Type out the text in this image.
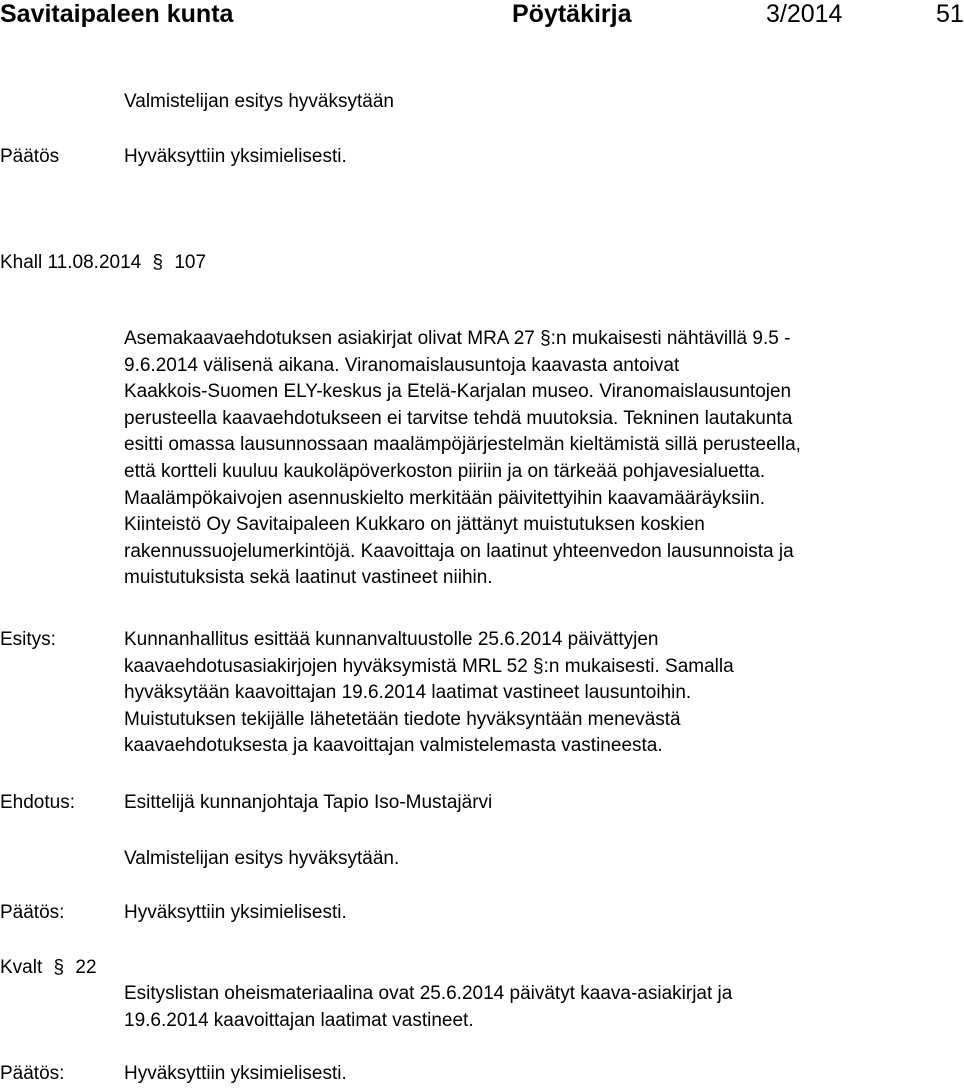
Savitaipaleen kunta	Pöytäkirja	3/2014	51
Valmistelijan esitys hyväksytään
Päätös	Hyväksyttiin yksimielisesti.
Khall 11.08.2014 § 107
Asemakaavaehdotuksen asiakirjat olivat MRA 27 §:n mukaisesti nähtävillä 9.5 -
9.6.2014 välisenä aikana. Viranomaislausuntoja kaavasta antoivat
Kaakkois-Suomen ELY-keskus ja Etelä-Karjalan museo. Viranomaislausuntojen
perusteella kaavaehdotukseen ei tarvitse tehdä muutoksia. Tekninen lautakunta
esitti omassa lausunnossaan maalämpöjärjestelmän kieltämistä sillä perusteella,
että kortteli kuuluu kaukoläpöverkoston piiriin ja on tärkeää pohjavesialuetta.
Maalämpökaivojen asennuskielto merkitään päivitettyihin kaavamääräyksiin.
Kiinteistö Oy Savitaipaleen Kukkaro on jättänyt muistutuksen koskien
rakennussuojelumerkintöjä. Kaavoittaja on laatinut yhteenvedon lausunnoista ja
muistutuksista sekä laatinut vastineet niihin.
Esitys:	Kunnanhallitus esittää kunnanvaltuustolle 25.6.2014 päivättyjen
kaavaehdotusasiakirjojen hyväksymistä MRL 52 §:n mukaisesti. Samalla
hyväksytään kaavoittajan 19.6.2014 laatimat vastineet lausuntoihin.
Muistutuksen tekijälle lähetetään tiedote hyväksyntään menevästä
kaavaehdotuksesta ja kaavoittajan valmistelemasta vastineesta.
Ehdotus:	Esittelijä kunnanjohtaja Tapio Iso-Mustajärvi
Valmistelijan esitys hyväksytään.
Päätös:	Hyväksyttiin yksimielisesti.
Kvalt § 22
Esityslistan oheismateriaalina ovat 25.6.2014 päivätyt kaava-asiakirjat ja
19.6.2014 kaavoittajan laatimat vastineet.
Päätös:	Hyväksyttiin yksimielisesti.
